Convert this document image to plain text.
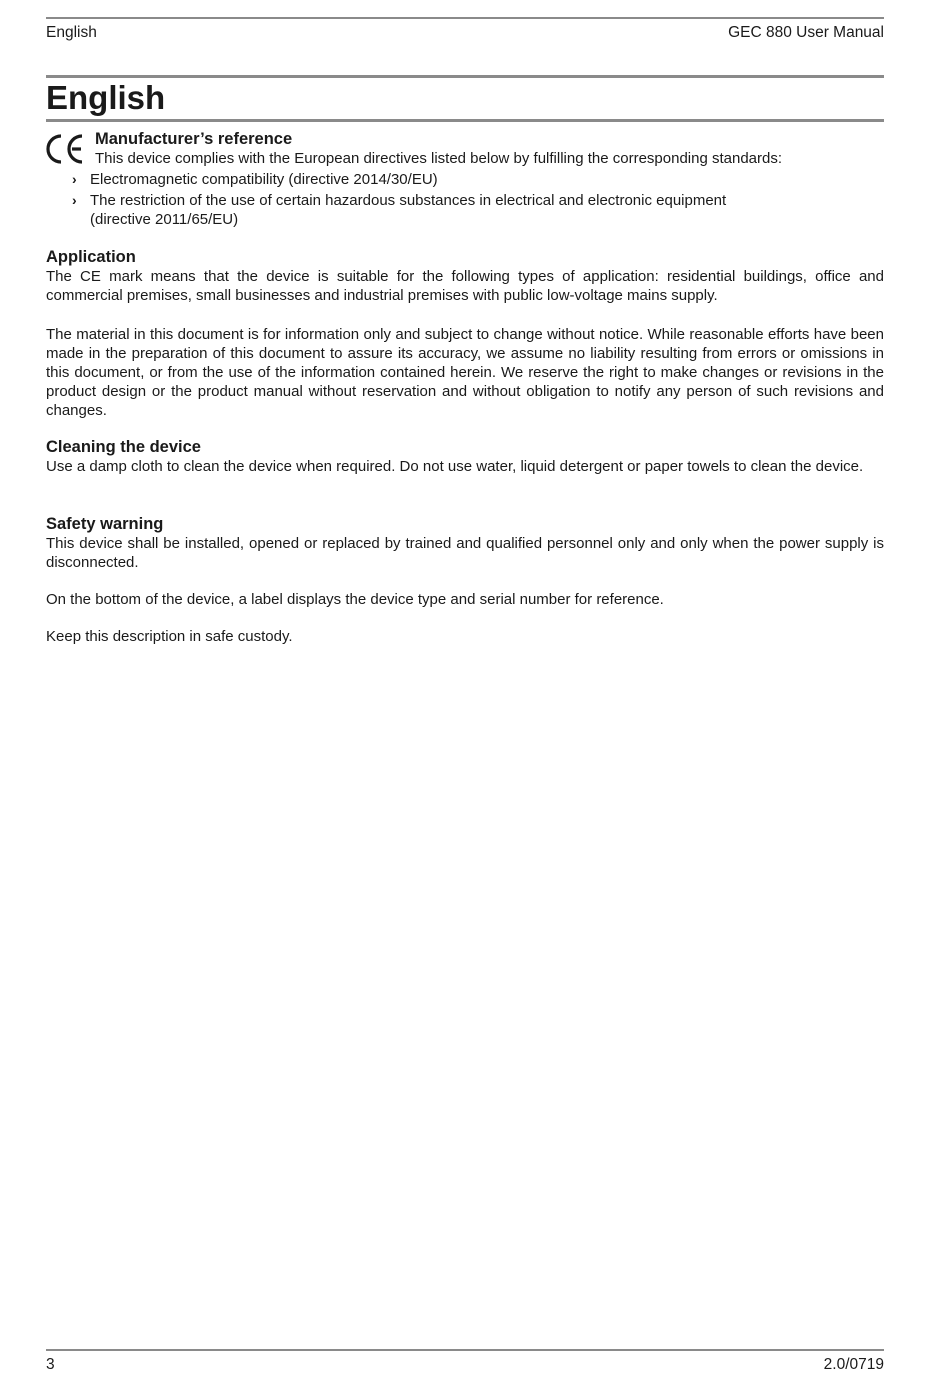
English	GEC 880 User Manual
English
Manufacturer’s reference

This device complies with the European directives listed below by fulfilling the corresponding standards:

› Electromagnetic compatibility (directive 2014/30/EU)
› The restriction of the use of certain hazardous substances in electrical and electronic equipment
(directive 2011/65/EU)
Application

The CE mark means that the device is suitable for the following types of application: residential buildings, office and commercial premises, small businesses and industrial premises with public low-voltage mains supply.

The material in this document is for information only and subject to change without notice. While reasonable efforts have been made in the preparation of this document to assure its accuracy, we assume no liability resulting from errors or omissions in this document, or from the use of the information contained herein. We reserve the right to make changes or revisions in the product design or the product manual without reservation and without obligation to notify any person of such revisions and changes.

Cleaning the device

Use a damp cloth to clean the device when required. Do not use water, liquid detergent or paper towels to clean the device.

Safety warning

This device shall be installed, opened or replaced by trained and qualified personnel only and only when the power supply is disconnected.

On the bottom of the device, a label displays the device type and serial number for reference.
Keep this description in safe custody.
3	2.0/0719
